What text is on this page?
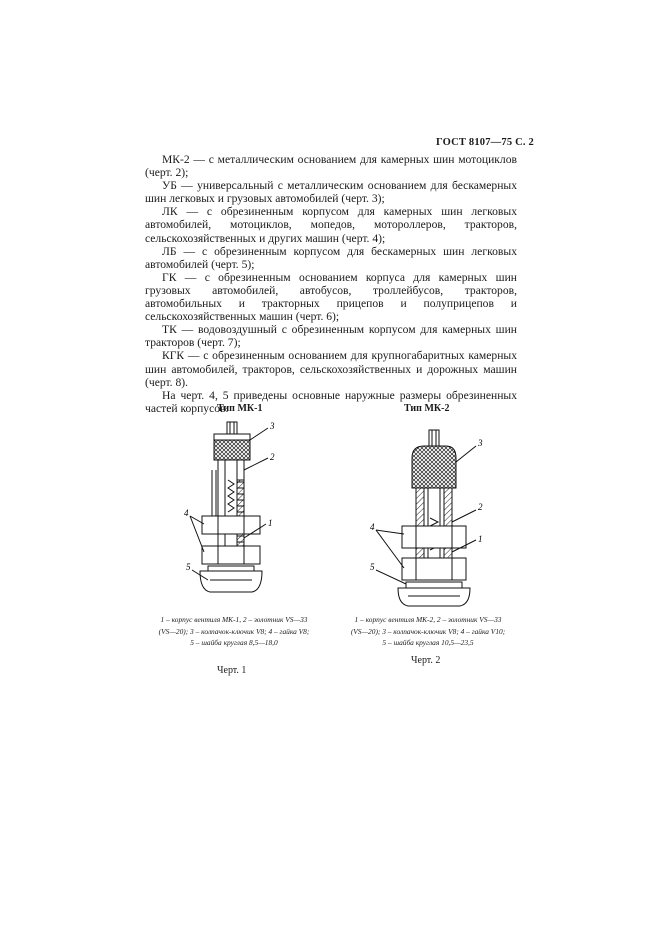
ГОСТ 8107—75 С. 2

МК-2 — с металлическим основанием для камерных шин мотоциклов (черт. 2);

УБ — универсальный с металлическим основанием для бескамерных шин легковых и грузовых автомобилей (черт. 3);

ЛК — с обрезиненным корпусом для камерных шин легковых автомобилей, мотоциклов, мопедов, мотороллеров, тракторов, сельскохозяйственных и других машин (черт. 4);

ЛБ — с обрезиненным корпусом для бескамерных шин легковых автомобилей (черт. 5);

ГК — с обрезиненным основанием корпуса для камерных шин грузовых автомобилей, автобусов, троллейбусов, тракторов, автомобильных и тракторных прицепов и полуприцепов и сельскохозяйственных машин (черт. 6);

ТК — водовоздушный с обрезиненным корпусом для камерных шин тракторов (черт. 7);

КГК — с обрезиненным основанием для крупногабаритных камерных шин автомобилей, тракторов, сельскохозяйственных и дорожных машин (черт. 8).

На черт. 4, 5 приведены основные наружные размеры обрезиненных частей корпусов.

Тип МК-1
3
2
4
1
5
1 – корпус вентиля МК-1, 2 – золотник VS—33
(VS—20); 3 – колпачок-ключик V8; 4 – гайка V8;
5 – шайба круглая 8,5—18,0
Черт. 1
Тип МК-2
3
2
1
4
5
1 – корпус вентиля МК-2, 2 – золотник VS—33
(VS—20); 3 – колпачок-ключик V8; 4 – гайка V10;
5 – шайба круглая 10,5—23,5
Черт. 2
